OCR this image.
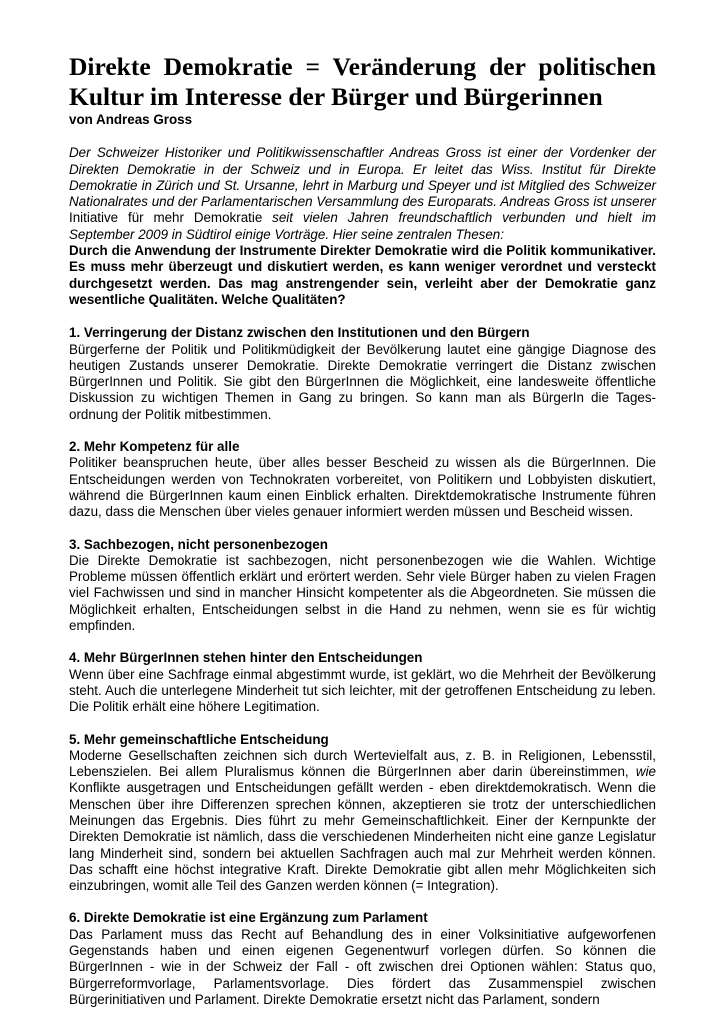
Direkte Demokratie = Veränderung der politischen Kultur im Interesse der Bürger und Bürgerinnen
von Andreas Gross

Der Schweizer Historiker und Politikwissenschaftler Andreas Gross ist einer der Vordenker der Direkten Demokratie in der Schweiz und in Europa. Er leitet das Wiss. Institut für Direkte Demokratie in Zürich und St. Ursanne, lehrt in Marburg und Speyer und ist Mitglied des Schweizer Nationalrates und der Parlamentarischen Versammlung des Europarats. Andreas Gross ist unserer Initiative für mehr Demokratie seit vielen Jahren freundschaftlich verbunden und hielt im September 2009 in Südtirol einige Vorträge. Hier seine zentralen Thesen:

Durch die Anwendung der Instrumente Direkter Demokratie wird die Politik kommunikativer. Es muss mehr überzeugt und diskutiert werden, es kann weniger verordnet und versteckt durchgesetzt werden. Das mag anstrengender sein, verleiht aber der Demokratie ganz wesentliche Qualitäten. Welche Qualitäten?

1. Verringerung der Distanz zwischen den Institutionen und den Bürgern

Bürgerferne der Politik und Politikmüdigkeit der Bevölkerung lautet eine gängige Diagnose des heutigen Zustands unserer Demokratie. Direkte Demokratie verringert die Distanz zwischen BürgerInnen und Politik. Sie gibt den BürgerInnen die Möglichkeit, eine landesweite öffentliche Diskussion zu wichtigen Themen in Gang zu bringen. So kann man als BürgerIn die Tages-ordnung der Politik mitbestimmen.

2. Mehr Kompetenz für alle

Politiker beanspruchen heute, über alles besser Bescheid zu wissen als die BürgerInnen. Die Entscheidungen werden von Technokraten vorbereitet, von Politikern und Lobbyisten diskutiert, während die BürgerInnen kaum einen Einblick erhalten. Direktdemokratische Instrumente führen dazu, dass die Menschen über vieles genauer informiert werden müssen und Bescheid wissen.

3. Sachbezogen, nicht personenbezogen

Die Direkte Demokratie ist sachbezogen, nicht personenbezogen wie die Wahlen. Wichtige Probleme müssen öffentlich erklärt und erörtert werden. Sehr viele Bürger haben zu vielen Fragen viel Fachwissen und sind in mancher Hinsicht kompetenter als die Abgeordneten. Sie müssen die Möglichkeit erhalten, Entscheidungen selbst in die Hand zu nehmen, wenn sie es für wichtig empfinden.

4. Mehr BürgerInnen stehen hinter den Entscheidungen

Wenn über eine Sachfrage einmal abgestimmt wurde, ist geklärt, wo die Mehrheit der Bevölkerung steht. Auch die unterlegene Minderheit tut sich leichter, mit der getroffenen Entscheidung zu leben. Die Politik erhält eine höhere Legitimation.

5. Mehr gemeinschaftliche Entscheidung

Moderne Gesellschaften zeichnen sich durch Wertevielfalt aus, z. B. in Religionen, Lebensstil, Lebenszielen. Bei allem Pluralismus können die BürgerInnen aber darin übereinstimmen, wie Konflikte ausgetragen und Entscheidungen gefällt werden - eben direktdemokratisch. Wenn die Menschen über ihre Differenzen sprechen können, akzeptieren sie trotz der unterschiedlichen Meinungen das Ergebnis. Dies führt zu mehr Gemeinschaftlichkeit. Einer der Kernpunkte der Direkten Demokratie ist nämlich, dass die verschiedenen Minderheiten nicht eine ganze Legislatur lang Minderheit sind, sondern bei aktuellen Sachfragen auch mal zur Mehrheit werden können. Das schafft eine höchst integrative Kraft. Direkte Demokratie gibt allen mehr Möglichkeiten sich einzubringen, womit alle Teil des Ganzen werden können (= Integration).

6. Direkte Demokratie ist eine Ergänzung zum Parlament

Das Parlament muss das Recht auf Behandlung des in einer Volksinitiative aufgeworfenen Gegenstands haben und einen eigenen Gegenentwurf vorlegen dürfen. So können die BürgerInnen - wie in der Schweiz der Fall - oft zwischen drei Optionen wählen: Status quo, Bürgerreformvorlage, Parlamentsvorlage. Dies fördert das Zusammenspiel zwischen Bürgerinitiativen und Parlament. Direkte Demokratie ersetzt nicht das Parlament, sondern
